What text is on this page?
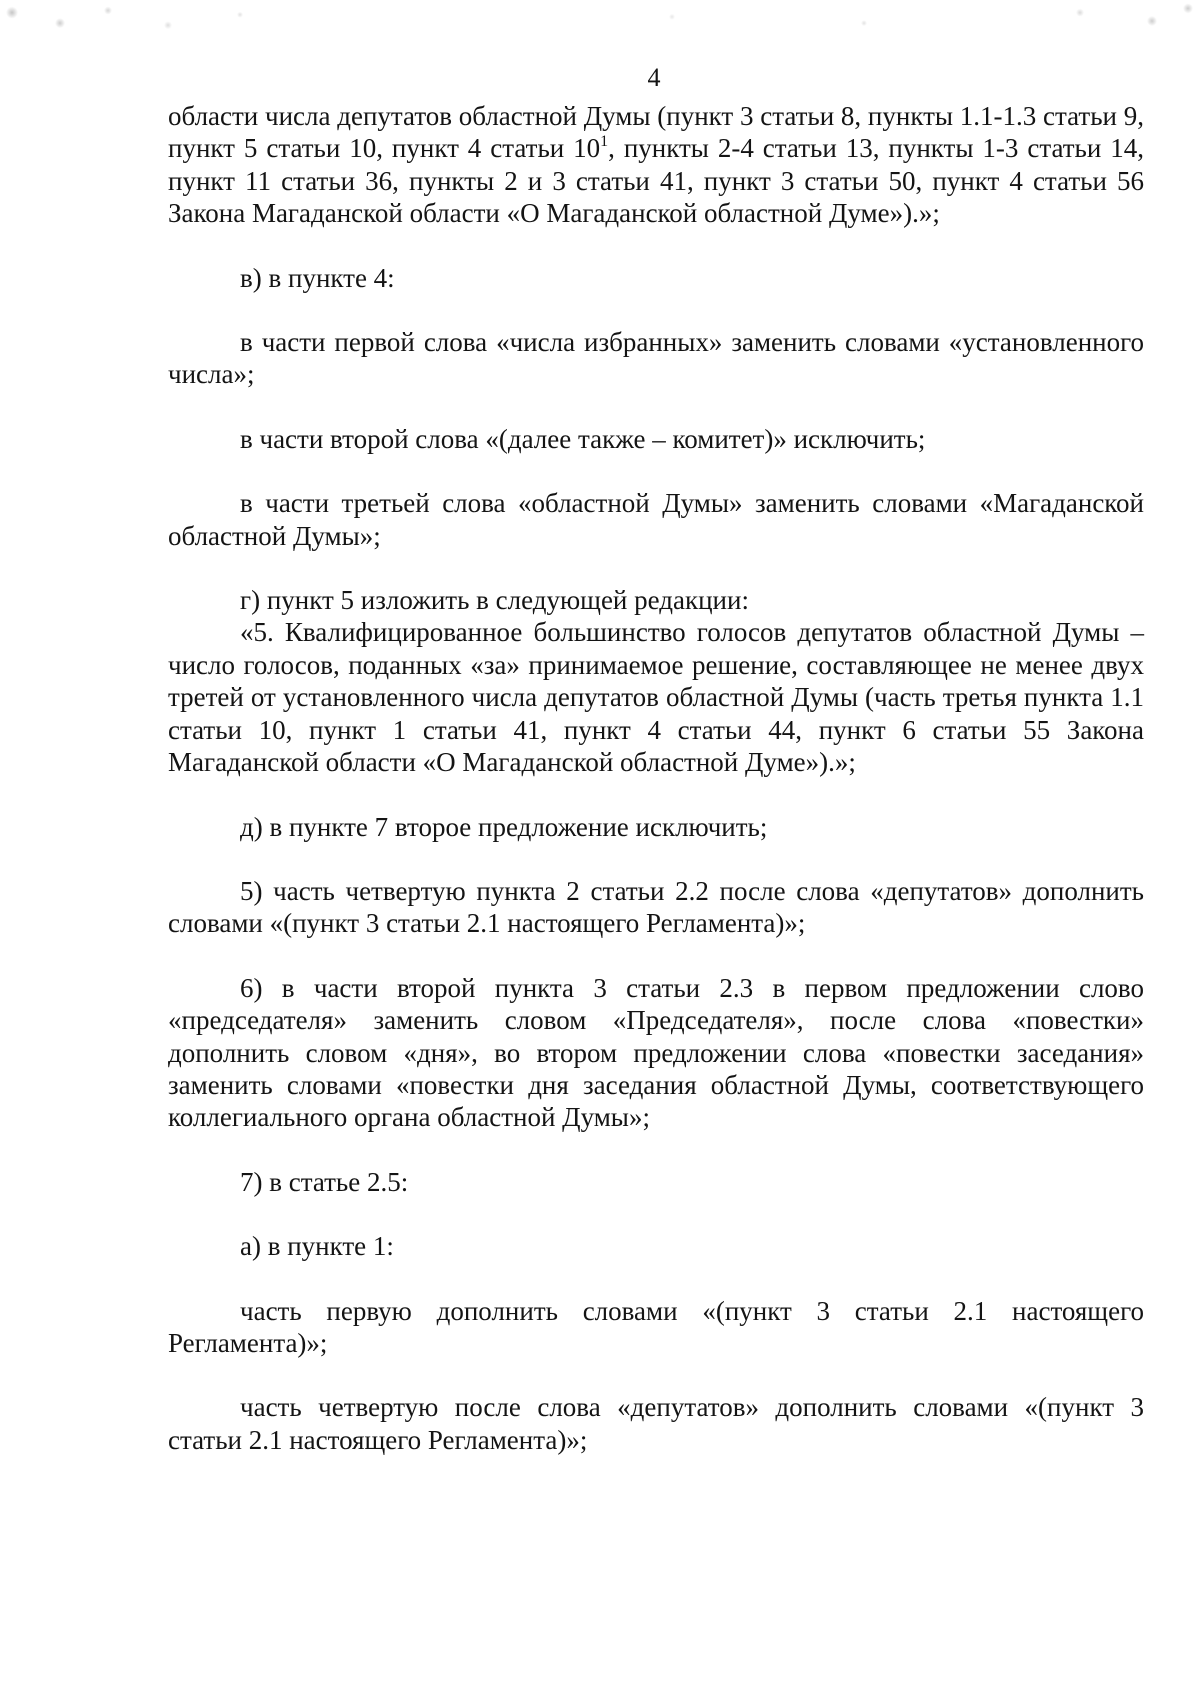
4

области числа депутатов областной Думы (пункт 3 статьи 8, пункты 1.1-1.3 статьи 9, пункт 5 статьи 10, пункт 4 статьи $10^1$, пункты 2-4 статьи 13, пункты 1-3 статьи 14, пункт 11 статьи 36, пункты 2 и 3 статьи 41, пункт 3 статьи 50, пункт 4 статьи 56 Закона Магаданской области «О Магаданской областной Думе»).»;

в) в пункте 4:

в части первой слова «числа избранных» заменить словами «установленного числа»;

в части второй слова «(далее также – комитет)» исключить;

в части третьей слова «областной Думы» заменить словами «Магаданской областной Думы»;

г) пункт 5 изложить в следующей редакции:

«5. Квалифицированное большинство голосов депутатов областной Думы – число голосов, поданных «за» принимаемое решение, составляющее не менее двух третей от установленного числа депутатов областной Думы (часть третья пункта 1.1 статьи 10, пункт 1 статьи 41, пункт 4 статьи 44, пункт 6 статьи 55 Закона Магаданской области «О Магаданской областной Думе»).»;

д) в пункте 7 второе предложение исключить;

5) часть четвертую пункта 2 статьи 2.2 после слова «депутатов» дополнить словами «(пункт 3 статьи 2.1 настоящего Регламента)»;

6) в части второй пункта 3 статьи 2.3 в первом предложении слово «председателя» заменить словом «Председателя», после слова «повестки» дополнить словом «дня», во втором предложении слова «повестки заседания» заменить словами «повестки дня заседания областной Думы, соответствующего коллегиального органа областной Думы»;

7) в статье 2.5:

а) в пункте 1:

часть первую дополнить словами «(пункт 3 статьи 2.1 настоящего Регламента)»;

часть четвертую после слова «депутатов» дополнить словами «(пункт 3 статьи 2.1 настоящего Регламента)»;
